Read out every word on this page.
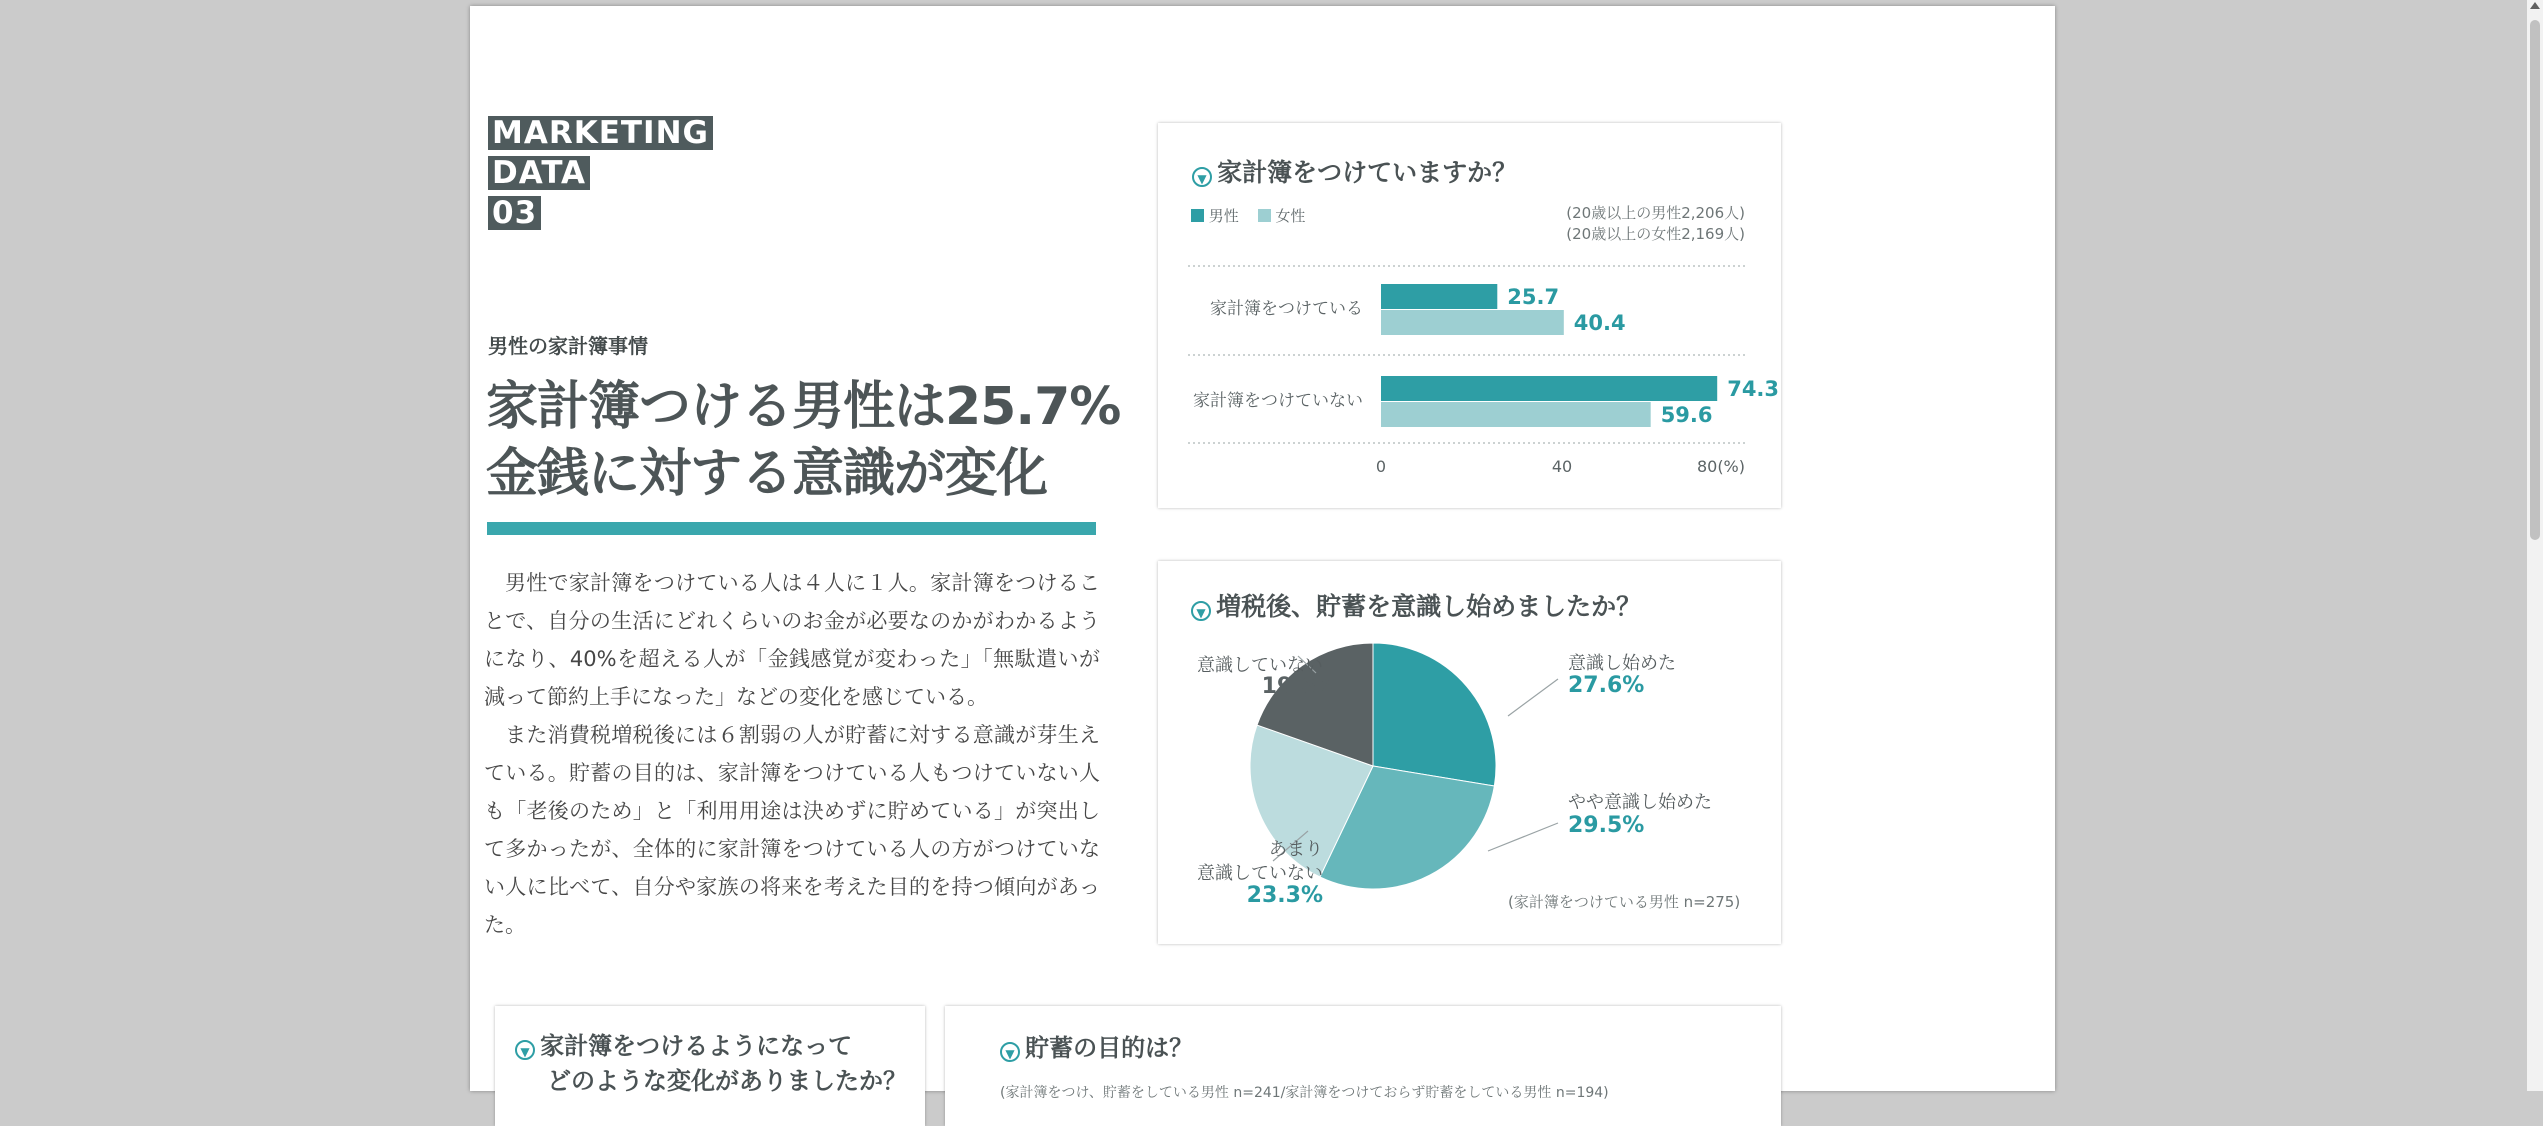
MARKETING
DATA
03
男性の家計簿事情
家計簿つける男性は25.7%
金銭に対する意識が変化

男性で家計簿をつけている人は４人に１人。家計簿をつけることで、自分の生活にどれくらいのお金が必要なのかがわかるようになり、40%を超える人が「金銭感覚が変わった」「無駄遣いが減って節約上手になった」などの変化を感じている。

また消費税増税後には６割弱の人が貯蓄に対する意識が芽生えている。貯蓄の目的は、家計簿をつけている人もつけていない人も「老後のため」と「利用用途は決めずに貯めている」が突出して多かったが、全体的に家計簿をつけている人の方がつけていない人に比べて、自分や家族の将来を考えた目的を持つ傾向があった。

▼ 家計簿をつけていますか？
男性 女性	(20歳以上の男性2,206人)
(20歳以上の女性2,169人)
家計簿をつけている	25.7
40.4
家計簿をつけていない	74.3
59.6
0	40	80(%)
▼ 増税後、貯蓄を意識し始めましたか？
意識し始めた
27.6%
やや意識し始めた
29.5%
あまり
意識していない
23.3%
意識していない
19.6%
(家計簿をつけている男性 n=275)
▼ 家計簿をつけるようになって
どのような変化がありましたか？
▼ 貯蓄の目的は？
(家計簿をつけ、貯蓄をしている男性 n=241/家計簿をつけておらず貯蓄をしている男性 n=194)
